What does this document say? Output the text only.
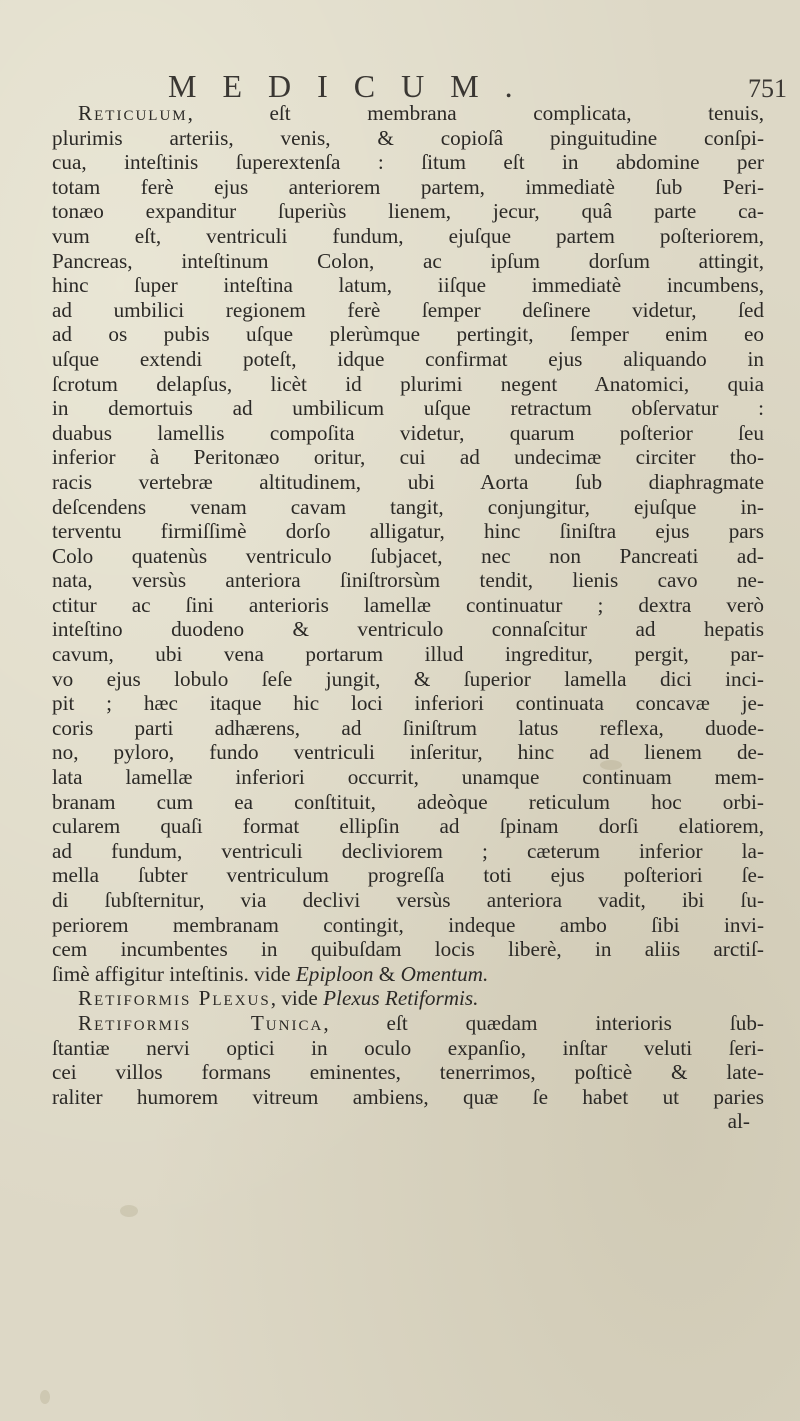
MEDICUM.	751
Reticulum, eſt membrana complicata, tenuis,
plurimis arteriis, venis, & copioſâ pinguitudine conſpi-
cua, inteſtinis ſuperextenſa : ſitum eſt in abdomine per
totam ferè ejus anteriorem partem, immediatè ſub Peri-
tonæo expanditur ſuperiùs lienem, jecur, quâ parte ca-
vum eſt, ventriculi fundum, ejuſque partem poſteriorem,
Pancreas, inteſtinum Colon, ac ipſum dorſum attingit,
hinc ſuper inteſtina latum, iiſque immediatè incumbens,
ad umbilici regionem ferè ſemper deſinere videtur, ſed
ad os pubis uſque plerùmque pertingit, ſemper enim eo
uſque extendi poteſt, idque confirmat ejus aliquando in
ſcrotum delapſus, licèt id plurimi negent Anatomici, quia
in demortuis ad umbilicum uſque retractum obſervatur :
duabus lamellis compoſita videtur, quarum poſterior ſeu
inferior à Peritonæo oritur, cui ad undecimæ circiter tho-
racis vertebræ altitudinem, ubi Aorta ſub diaphragmate
deſcendens venam cavam tangit, conjungitur, ejuſque in-
terventu firmiſſimè dorſo alligatur, hinc ſiniſtra ejus pars
Colo quatenùs ventriculo ſubjacet, nec non Pancreati ad-
nata, versùs anteriora ſiniſtrorsùm tendit, lienis cavo ne-
ctitur ac ſini anterioris lamellæ continuatur ; dextra verò
inteſtino duodeno & ventriculo connaſcitur ad hepatis
cavum, ubi vena portarum illud ingreditur, pergit, par-
vo ejus lobulo ſeſe jungit, & ſuperior lamella dici inci-
pit ; hæc itaque hic loci inferiori continuata concavæ je-
coris parti adhærens, ad ſiniſtrum latus reflexa, duode-
no, pyloro, fundo ventriculi inſeritur, hinc ad lienem de-
lata lamellæ inferiori occurrit, unamque continuam mem-
branam cum ea conſtituit, adeòque reticulum hoc orbi-
cularem quaſi format ellipſin ad ſpinam dorſi elatiorem,
ad fundum, ventriculi decliviorem ; cæterum inferior la-
mella ſubter ventriculum progreſſa toti ejus poſteriori ſe-
di ſubſternitur, via declivi versùs anteriora vadit, ibi ſu-
periorem membranam contingit, indeque ambo ſibi invi-
cem incumbentes in quibuſdam locis liberè, in aliis arctiſ-
ſimè affigitur inteſtinis. vide Epiploon & Omentum.
Retiformis Plexus, vide Plexus Retiformis.
Retiformis Tunica, eſt quædam interioris ſub-
ſtantiæ nervi optici in oculo expanſio, inſtar veluti ſeri-
cei villos formans eminentes, tenerrimos, poſticè & late-
raliter humorem vitreum ambiens, quæ ſe habet ut paries
al-
